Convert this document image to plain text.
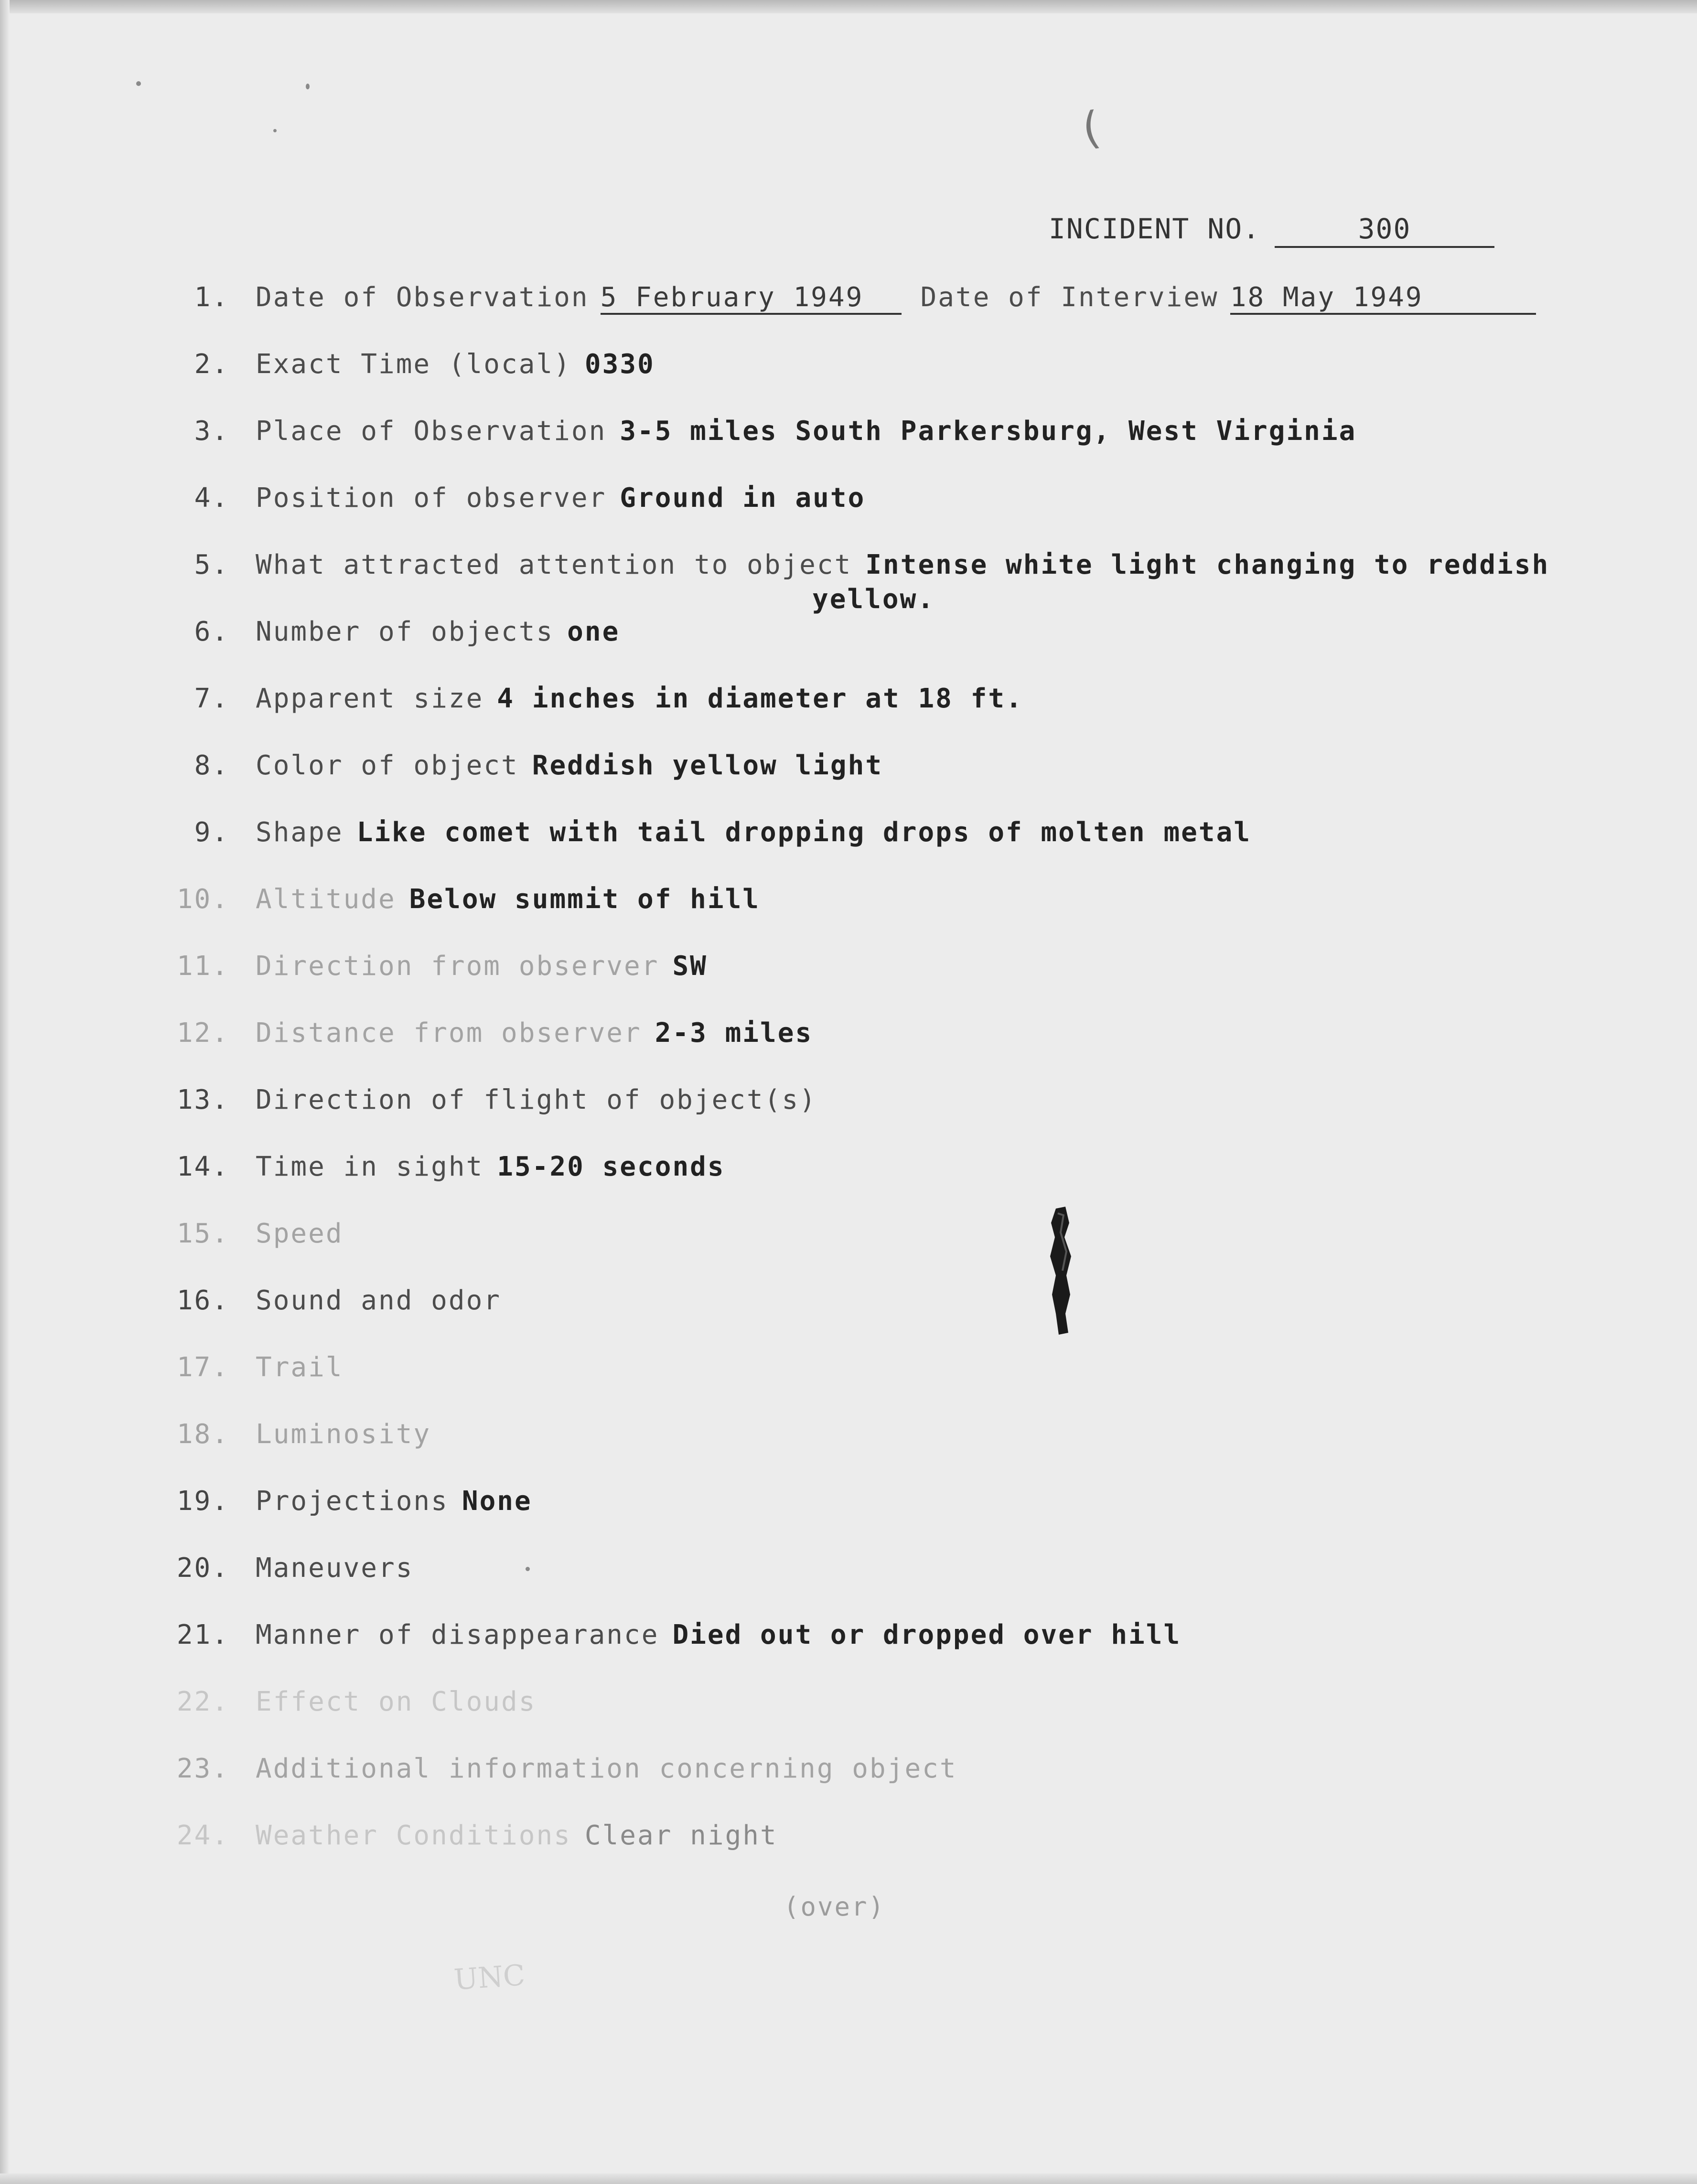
(
INCIDENT NO.	300
1. Date of Observation 5 February 1949 Date of Interview 18 May 1949
2. Exact Time (local) 0330
3. Place of Observation 3-5 miles South Parkersburg, West Virginia
4. Position of observer Ground in auto
5. What attracted attention to object Intense white light changing to reddish
yellow.
6. Number of objects one
7. Apparent size 4 inches in diameter at 18 ft.
8. Color of object Reddish yellow light
9. Shape Like comet with tail dropping drops of molten metal
10. Altitude Below summit of hill
11. Direction from observer SW
12. Distance from observer 2-3 miles
13. Direction of flight of object(s)
14. Time in sight 15-20 seconds
15. Speed
16. Sound and odor
17. Trail
18. Luminosity
19. Projections None
20. Maneuvers
21. Manner of disappearance Died out or dropped over hill
22. Effect on Clouds
23. Additional information concerning object
24. Weather Conditions Clear night
(over)
UNC
